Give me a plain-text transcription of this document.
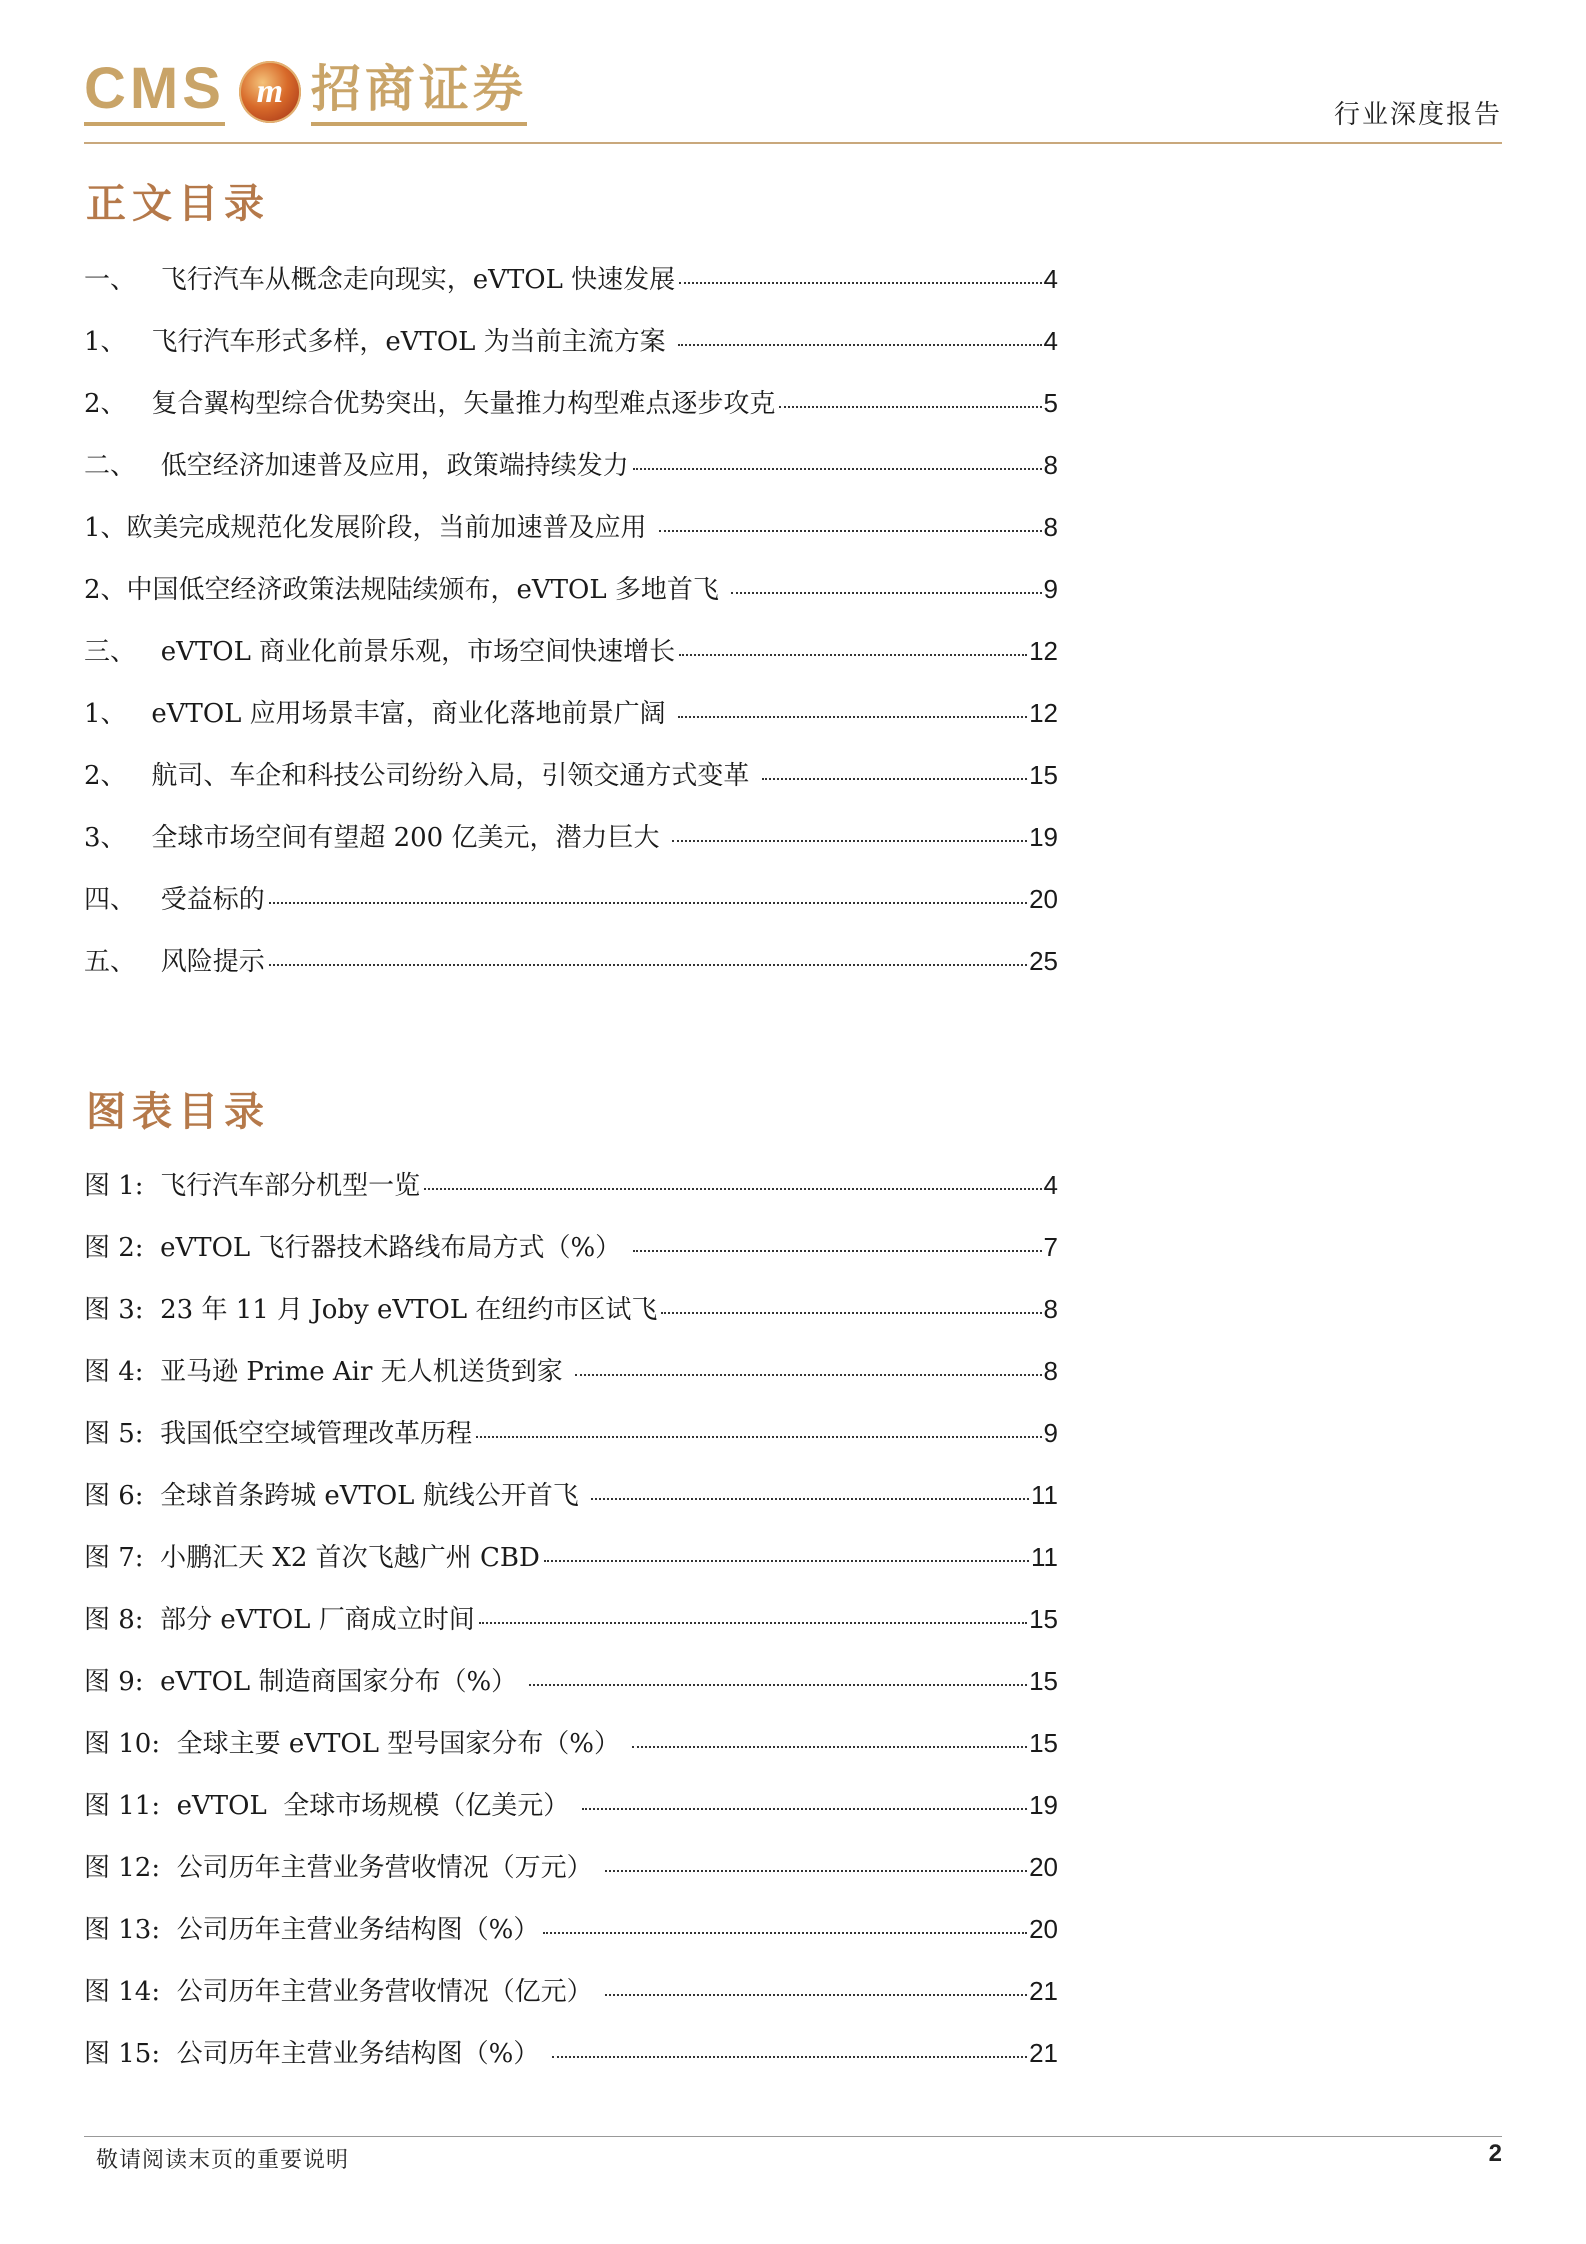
CMS m 招商证券	行业深度报告
正文目录
一、   飞行汽车从概念走向现实，eVTOL 快速发展	4
1、   飞行汽车形式多样，eVTOL 为当前主流方案	4
2、   复合翼构型综合优势突出，矢量推力构型难点逐步攻克	5
二、   低空经济加速普及应用，政策端持续发力	8
1、欧美完成规范化发展阶段，当前加速普及应用	8
2、中国低空经济政策法规陆续颁布，eVTOL 多地首飞	9
三、   eVTOL 商业化前景乐观，市场空间快速增长	12
1、   eVTOL 应用场景丰富，商业化落地前景广阔	12
2、   航司、车企和科技公司纷纷入局，引领交通方式变革	15
3、   全球市场空间有望超 200 亿美元，潜力巨大	19
四、   受益标的	20
五、   风险提示	25
图表目录
图 1:  飞行汽车部分机型一览	4
图 2:  eVTOL 飞行器技术路线布局方式（%）	7
图 3:  23 年 11 月 Joby eVTOL 在纽约市区试飞	8
图 4:  亚马逊 Prime Air 无人机送货到家	8
图 5:  我国低空空域管理改革历程	9
图 6:  全球首条跨城 eVTOL 航线公开首飞	11
图 7:  小鹏汇天 X2 首次飞越广州 CBD	11
图 8:  部分 eVTOL 厂商成立时间	15
图 9:  eVTOL 制造商国家分布（%）	15
图 10:  全球主要 eVTOL 型号国家分布（%）	15
图 11:  eVTOL  全球市场规模（亿美元）	19
图 12:  公司历年主营业务营收情况（万元）	20
图 13:  公司历年主营业务结构图（%）	20
图 14:  公司历年主营业务营收情况（亿元）	21
图 15:  公司历年主营业务结构图（%）	21
敬请阅读末页的重要说明	2
